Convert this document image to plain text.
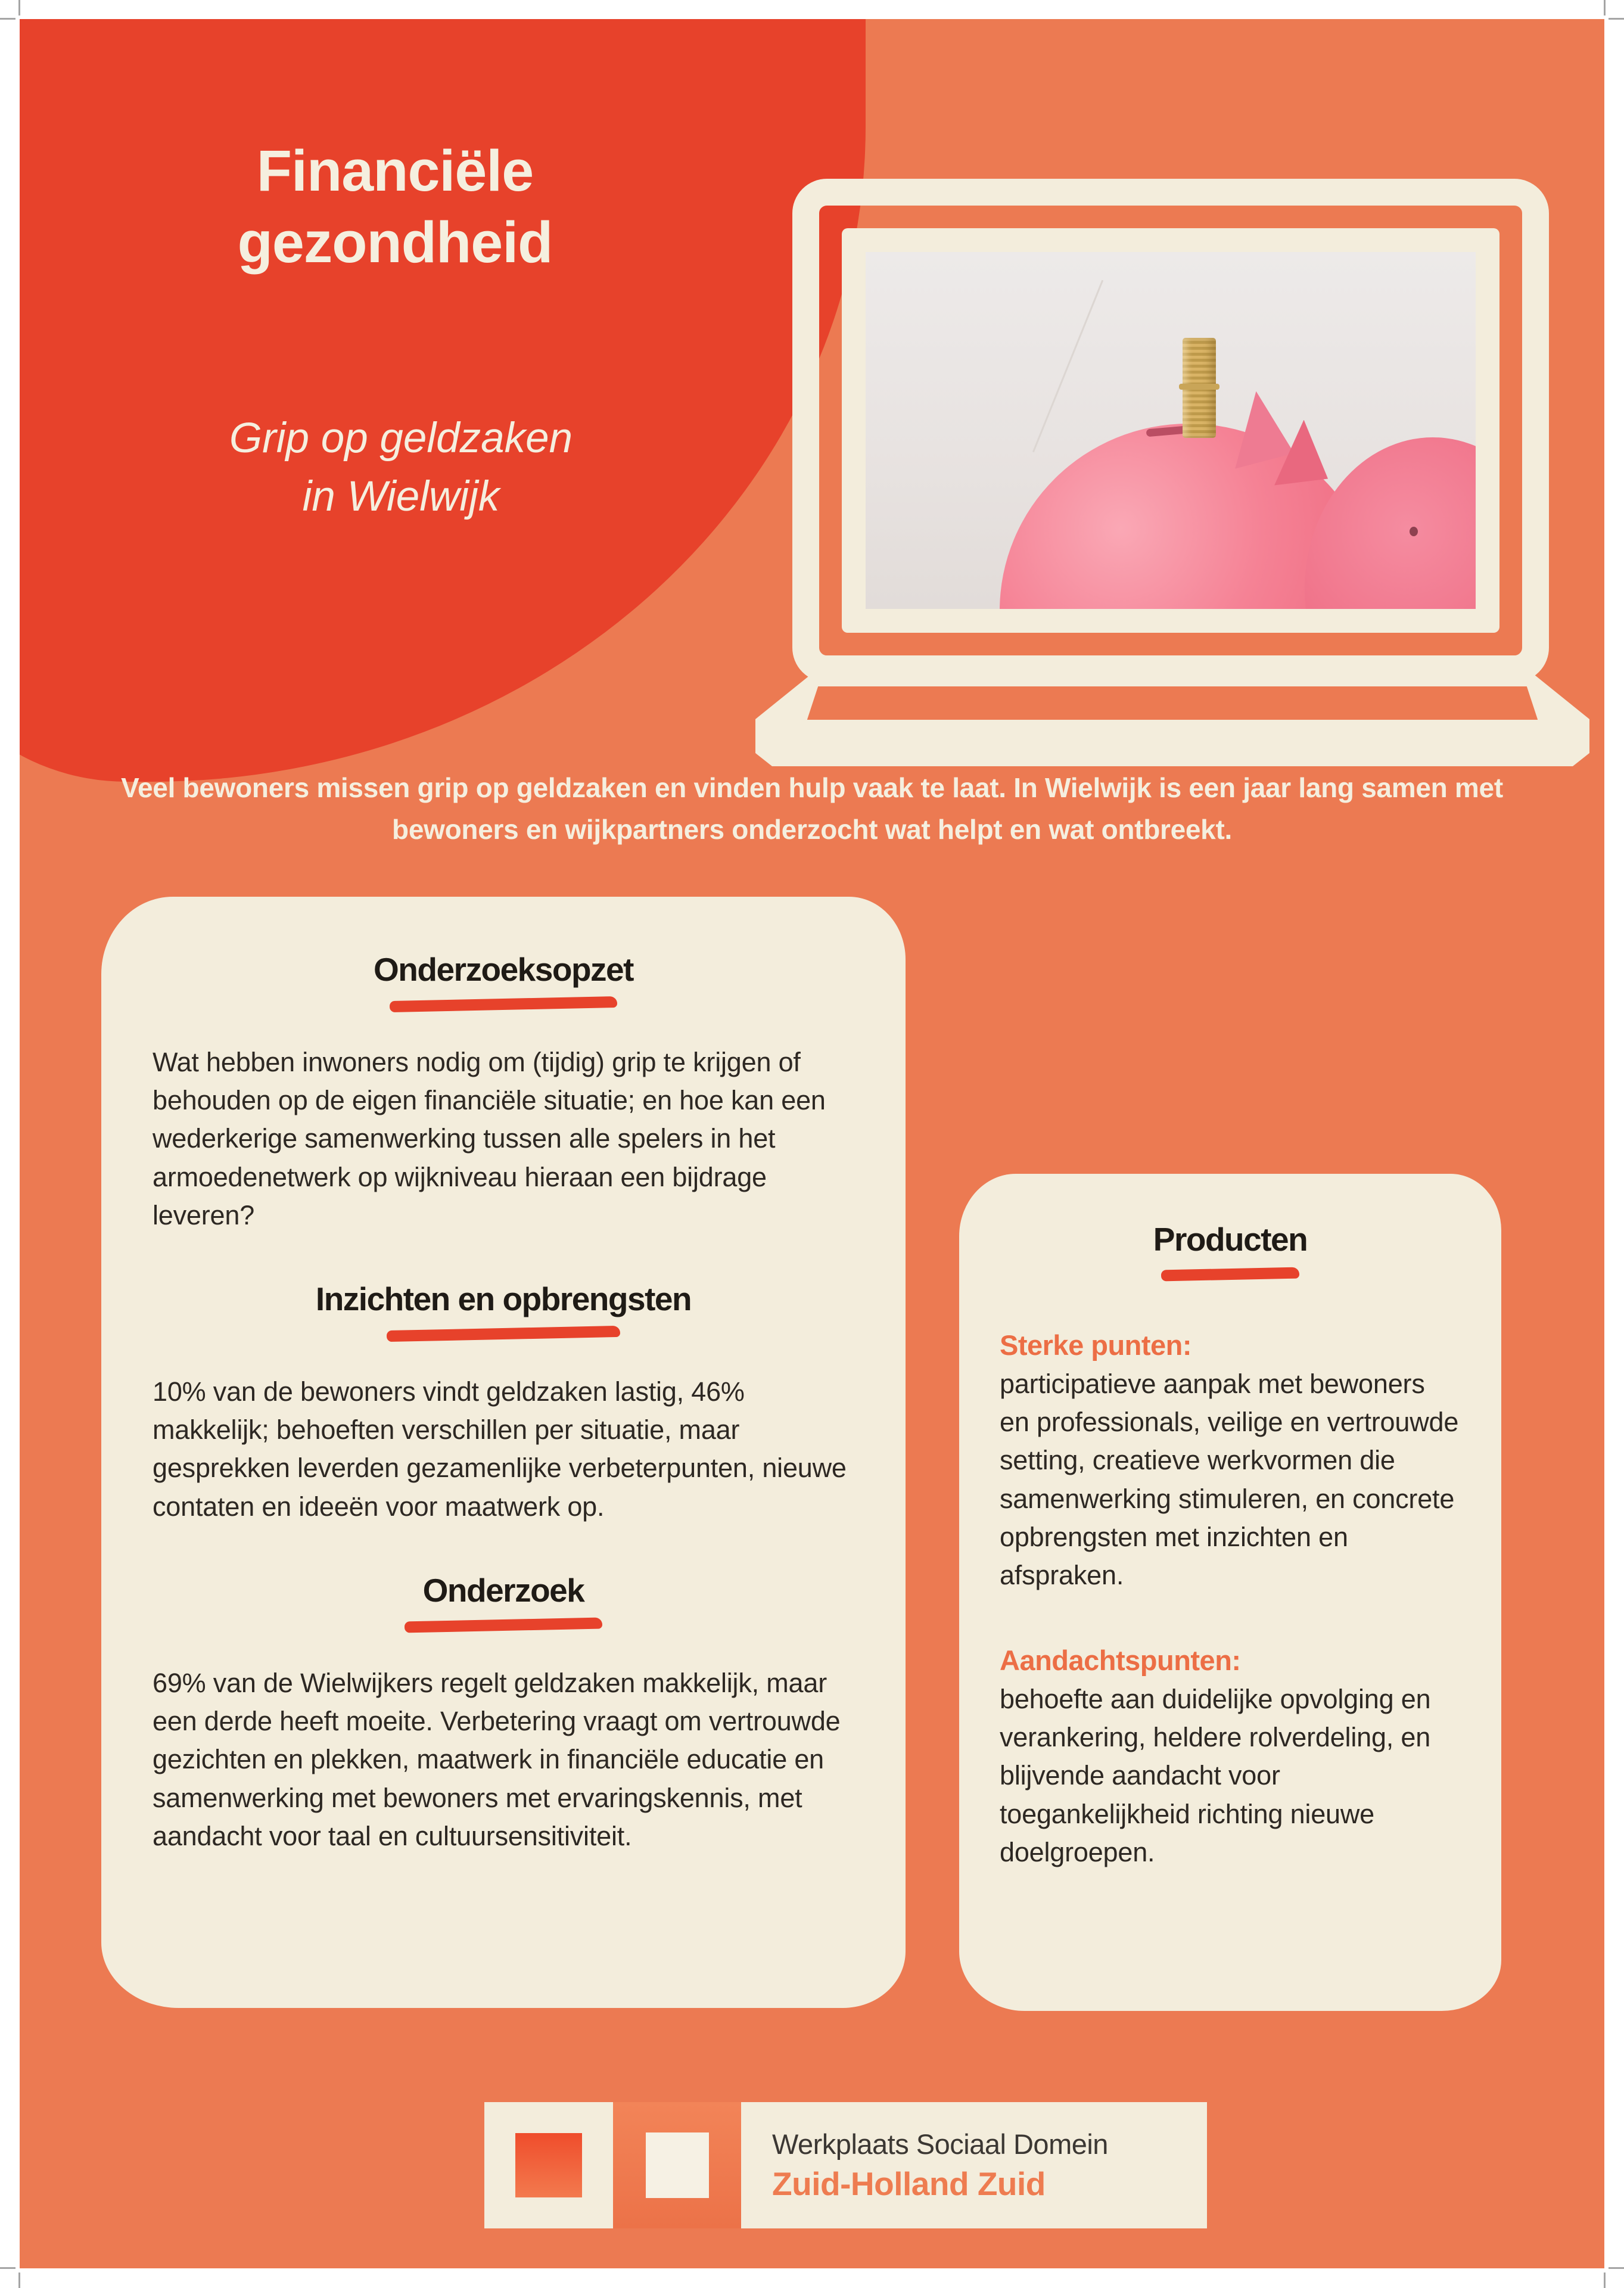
Financiële
gezondheid
Grip op geldzaken
in Wielwijk
Veel bewoners missen grip op geldzaken en vinden hulp vaak te laat. In Wielwijk is een jaar lang samen met bewoners en wijkpartners onderzocht wat helpt en wat ontbreekt.
Onderzoeksopzet
Wat hebben inwoners nodig om (tijdig) grip te krijgen of behouden op de eigen financiële situatie; en hoe kan een wederkerige samenwerking tussen alle spelers in het armoedenetwerk op wijkniveau hieraan een bijdrage leveren?
Inzichten en opbrengsten
10% van de bewoners vindt geldzaken lastig, 46% makkelijk; behoeften verschillen per situatie, maar gesprekken leverden gezamenlijke verbeterpunten, nieuwe contaten en ideeën voor maatwerk op.
Onderzoek
69% van de Wielwijkers regelt geldzaken makkelijk, maar een derde heeft moeite. Verbetering vraagt om vertrouwde gezichten en plekken, maatwerk in financiële educatie en samenwerking met bewoners met ervaringskennis, met aandacht voor taal en cultuursensitiviteit.
Producten
Sterke punten:
participatieve aanpak met bewoners en professionals, veilige en vertrouwde setting, creatieve werkvormen die samenwerking stimuleren, en concrete opbrengsten met inzichten en afspraken.
Aandachtspunten:
behoefte aan duidelijke opvolging en verankering, heldere rolverdeling, en blijvende aandacht voor toegankelijkheid richting nieuwe doelgroepen.
Werkplaats Sociaal Domein
Zuid-Holland Zuid
